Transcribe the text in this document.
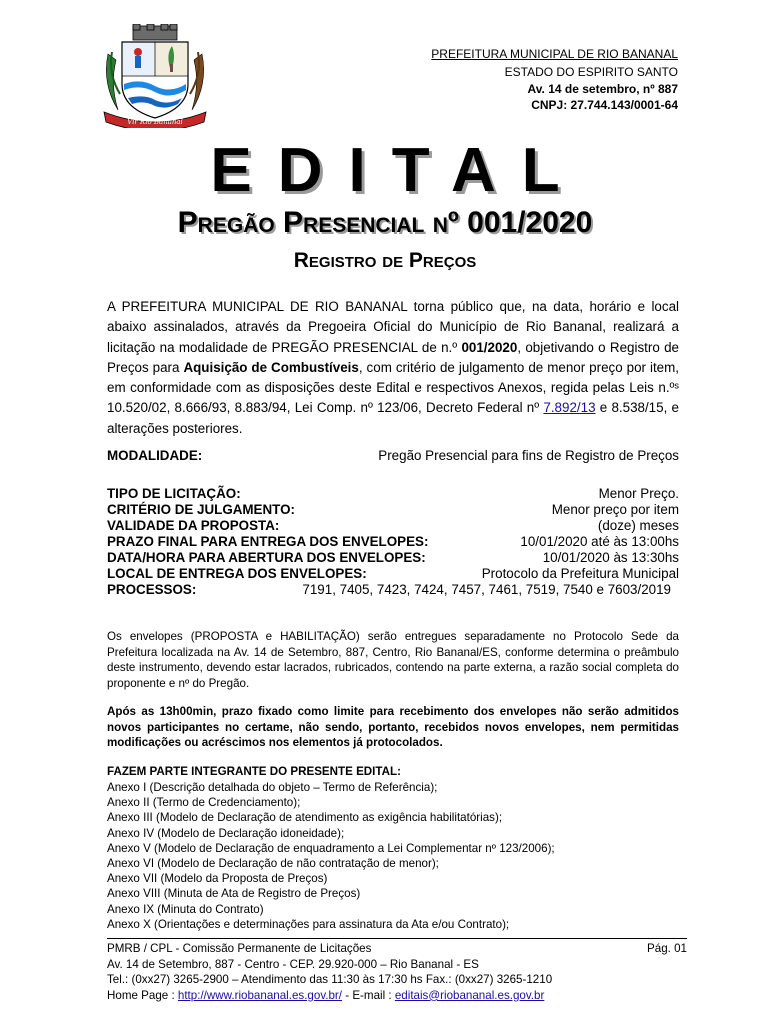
Vir Rio Bananal
PREFEITURA MUNICIPAL DE RIO BANANAL
ESTADO DO ESPIRITO SANTO
Av. 14 de setembro, nº 887
CNPJ: 27.744.143/0001-64
EDITAL
Pregão Presencial nº 001/2020
Registro de Preços
A PREFEITURA MUNICIPAL DE RIO BANANAL torna público que, na data, horário e local abaixo assinalados, através da Pregoeira Oficial do Município de Rio Bananal, realizará a licitação na modalidade de PREGÃO PRESENCIAL de n.º 001/2020, objetivando o Registro de Preços para Aquisição de Combustíveis, com critério de julgamento de menor preço por item, em conformidade com as disposições deste Edital e respectivos Anexos, regida pelas Leis n.ºˢ 10.520/02, 8.666/93, 8.883/94, Lei Comp. nº 123/06, Decreto Federal nº 7.892/13 e 8.538/15, e alterações posteriores.
MODALIDADE:	Pregão Presencial para fins de Registro de Preços
TIPO DE LICITAÇÃO:	Menor Preço.
CRITÉRIO DE JULGAMENTO:	Menor preço por item
VALIDADE DA PROPOSTA:	(doze) meses
PRAZO FINAL PARA ENTREGA DOS ENVELOPES:	10/01/2020 até às 13:00hs
DATA/HORA PARA ABERTURA DOS ENVELOPES:	10/01/2020 às 13:30hs
LOCAL DE ENTREGA DOS ENVELOPES:	Protocolo da Prefeitura Municipal
PROCESSOS:	7191, 7405, 7423, 7424, 7457, 7461, 7519, 7540 e 7603/2019
Os envelopes (PROPOSTA e HABILITAÇÃO) serão entregues separadamente no Protocolo Sede da Prefeitura localizada na Av. 14 de Setembro, 887, Centro, Rio Bananal/ES, conforme determina o preâmbulo deste instrumento, devendo estar lacrados, rubricados, contendo na parte externa, a razão social completa do proponente e nº do Pregão.
Após as 13h00min, prazo fixado como limite para recebimento dos envelopes não serão admitidos novos participantes no certame, não sendo, portanto, recebidos novos envelopes, nem permitidas modificações ou acréscimos nos elementos já protocolados.
FAZEM PARTE INTEGRANTE DO PRESENTE EDITAL:
Anexo I (Descrição detalhada do objeto – Termo de Referência);
Anexo II (Termo de Credenciamento);
Anexo III (Modelo de Declaração de atendimento as exigência habilitatórias);
Anexo IV (Modelo de Declaração idoneidade);
Anexo V (Modelo de Declaração de enquadramento a Lei Complementar nº 123/2006);
Anexo VI (Modelo de Declaração de não contratação de menor);
Anexo VII (Modelo da Proposta de Preços)
Anexo VIII (Minuta de Ata de Registro de Preços)
Anexo IX (Minuta do Contrato)
Anexo X (Orientações e determinações para assinatura da Ata e/ou Contrato);
PMRB / CPL - Comissão Permanente de Licitações	Pág. 01
Av. 14 de Setembro, 887 - Centro - CEP. 29.920-000 – Rio Bananal - ES
Tel.: (0xx27) 3265-2900 – Atendimento das 11:30 às 17:30 hs Fax.: (0xx27) 3265-1210
Home Page : http://www.riobananal.es.gov.br/ - E-mail : editais@riobananal.es.gov.br
